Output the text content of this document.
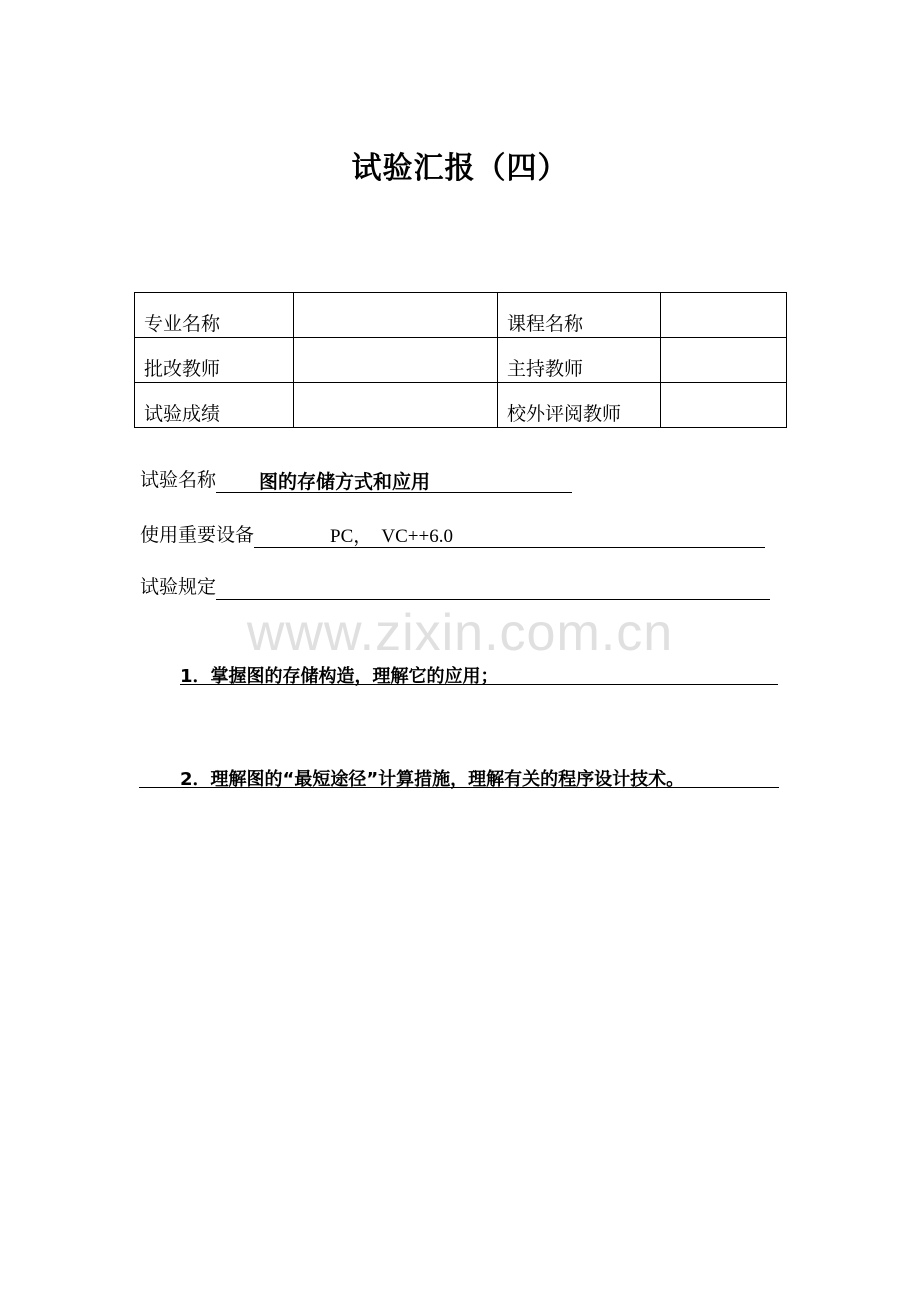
试验汇报（四）
专业名称		课程名称	
批改教师		主持教师	
试验成绩		校外评阅教师	
试验名称 图的存储方式和应用
使用重要设备	PC，  VC++6.0
试验规定
www.zixin.com.cn
1．掌握图的存储构造，理解它的应用；
2．理解图的“最短途径”计算措施，理解有关的程序设计技术。
